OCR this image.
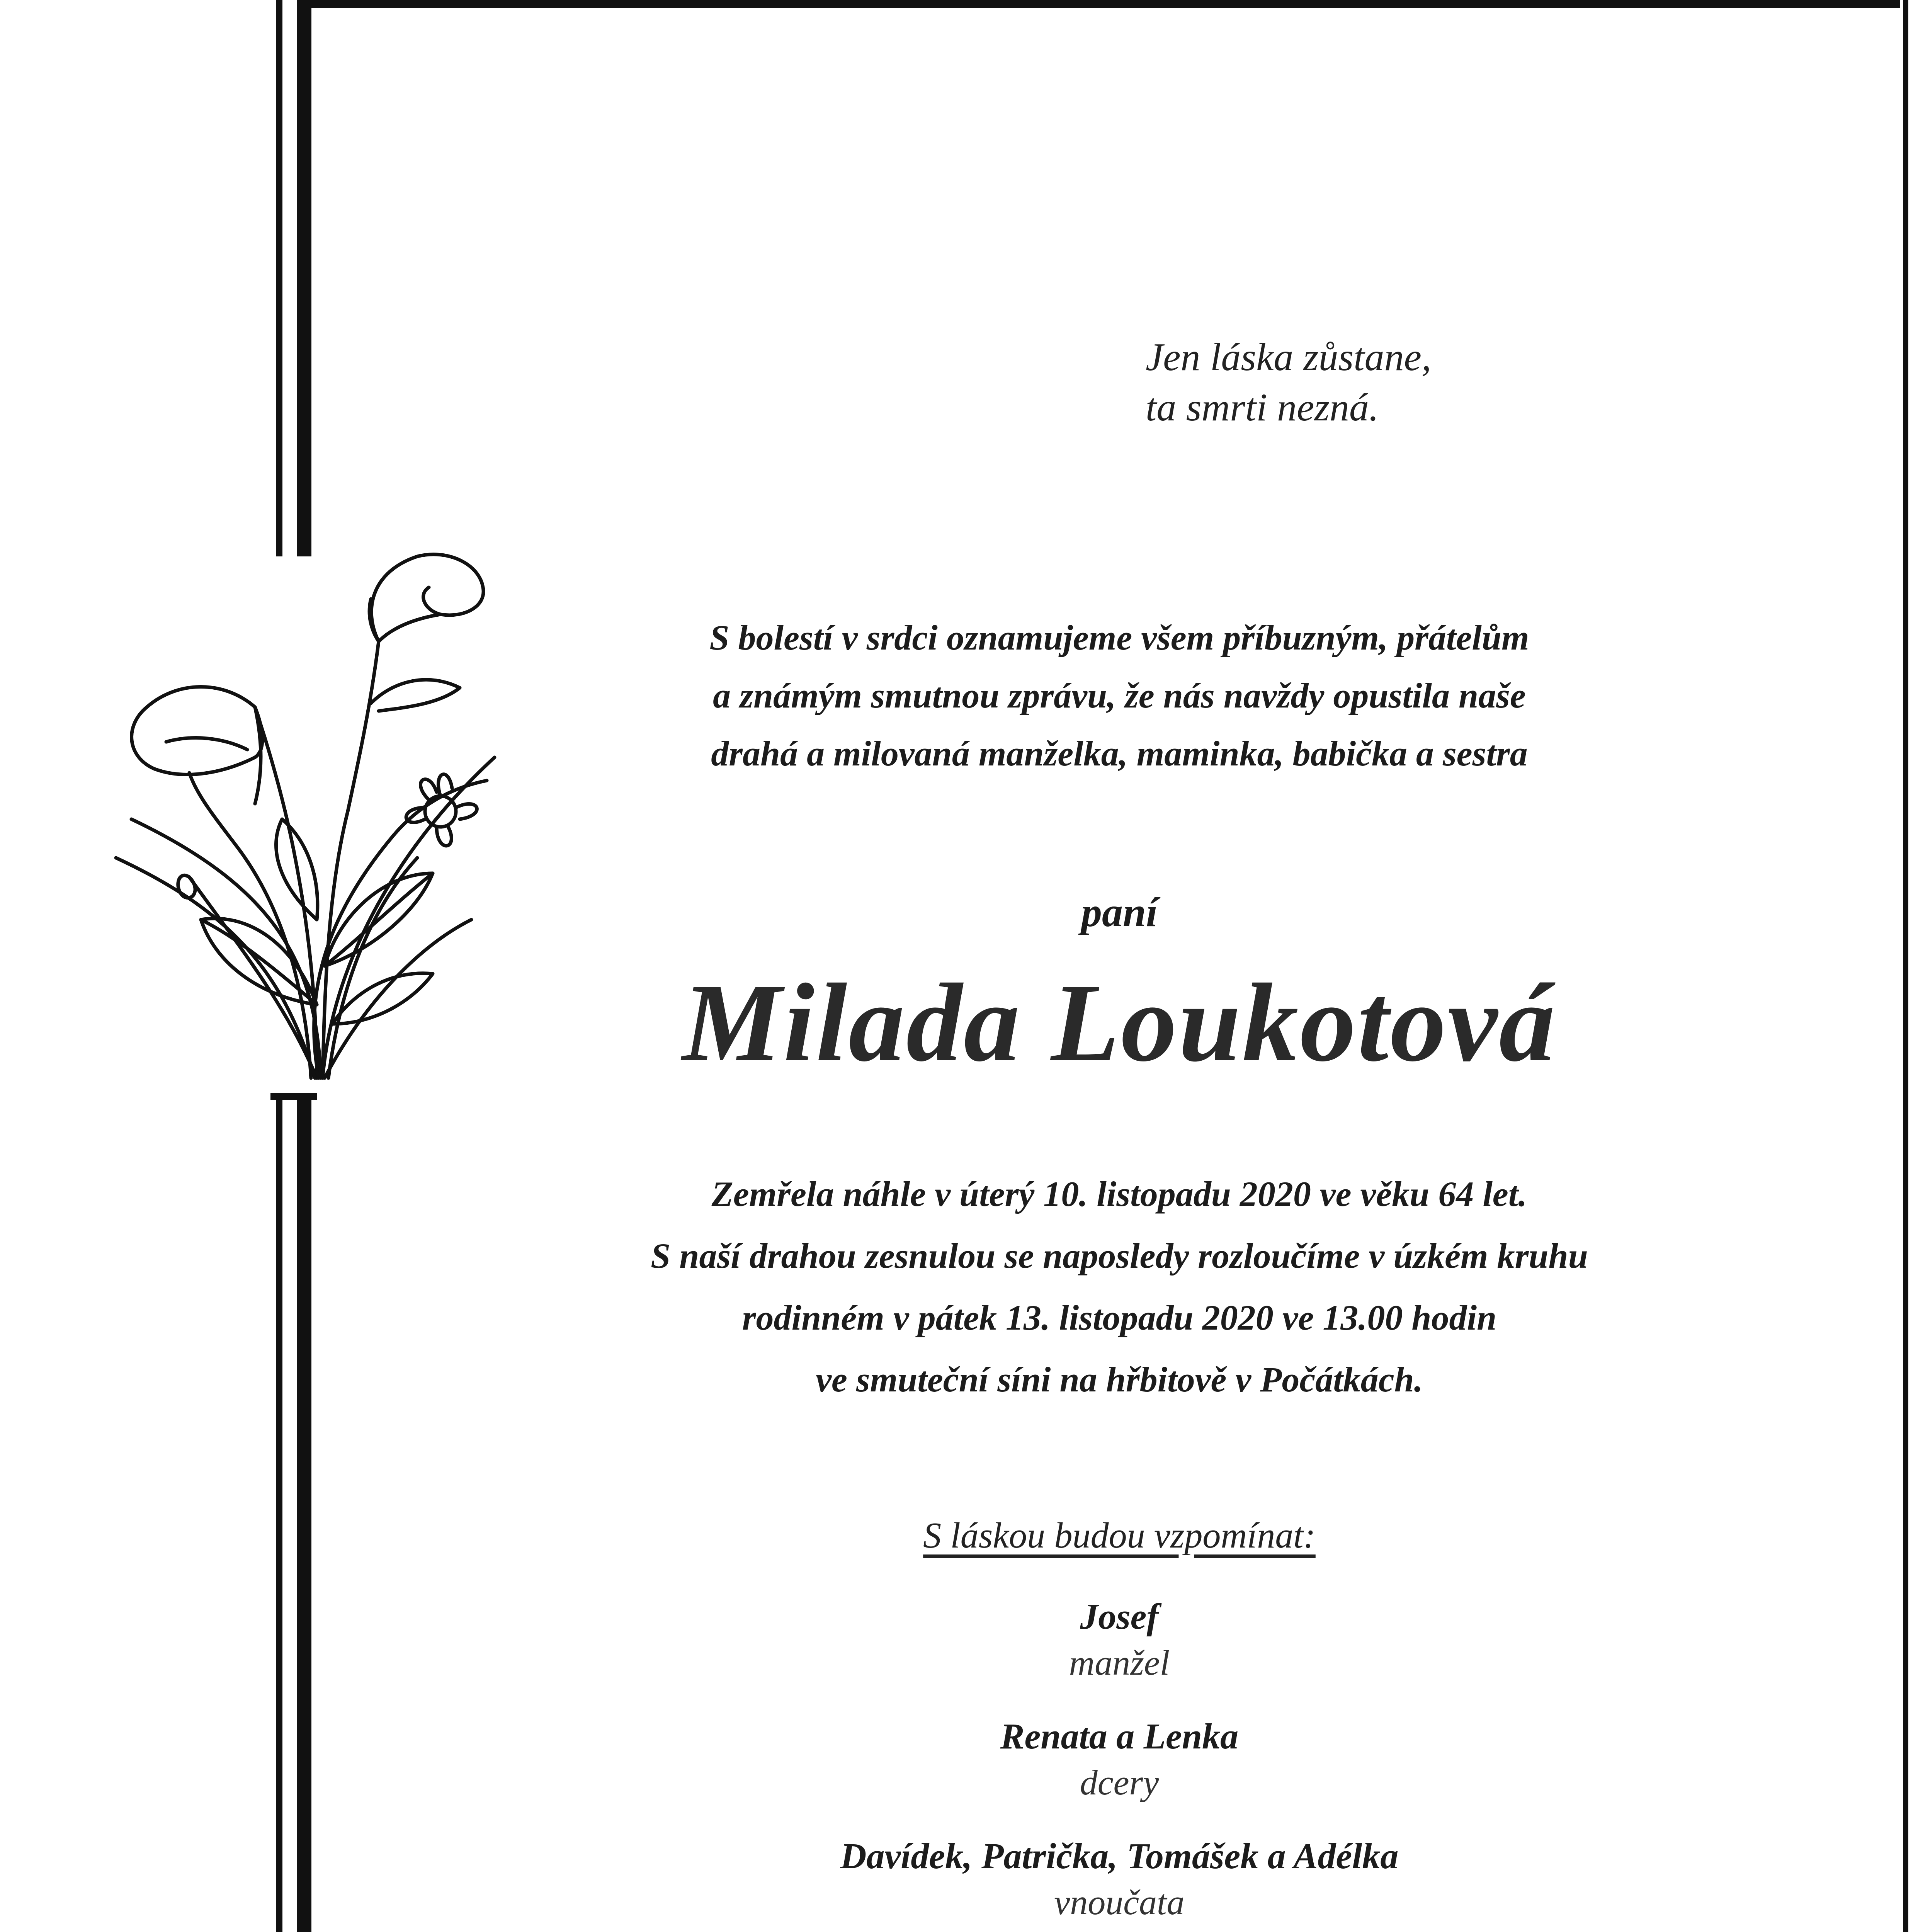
Jen láska zůstane,
ta smrti nezná.
S bolestí v srdci oznamujeme všem příbuzným, přátelům
a známým smutnou zprávu, že nás navždy opustila naše
drahá a milovaná manželka, maminka, babička a sestra
paní
Milada Loukotová
Zemřela náhle v úterý 10. listopadu 2020 ve věku 64 let.
S naší drahou zesnulou se naposledy rozloučíme v úzkém kruhu
rodinném v pátek 13. listopadu 2020 ve 13.00 hodin
ve smuteční síni na hřbitově v Počátkách.
S láskou budou vzpomínat:
Josef
manžel
Renata a Lenka
dcery
Davídek, Patrička, Tomášek a Adélka
vnoučata
